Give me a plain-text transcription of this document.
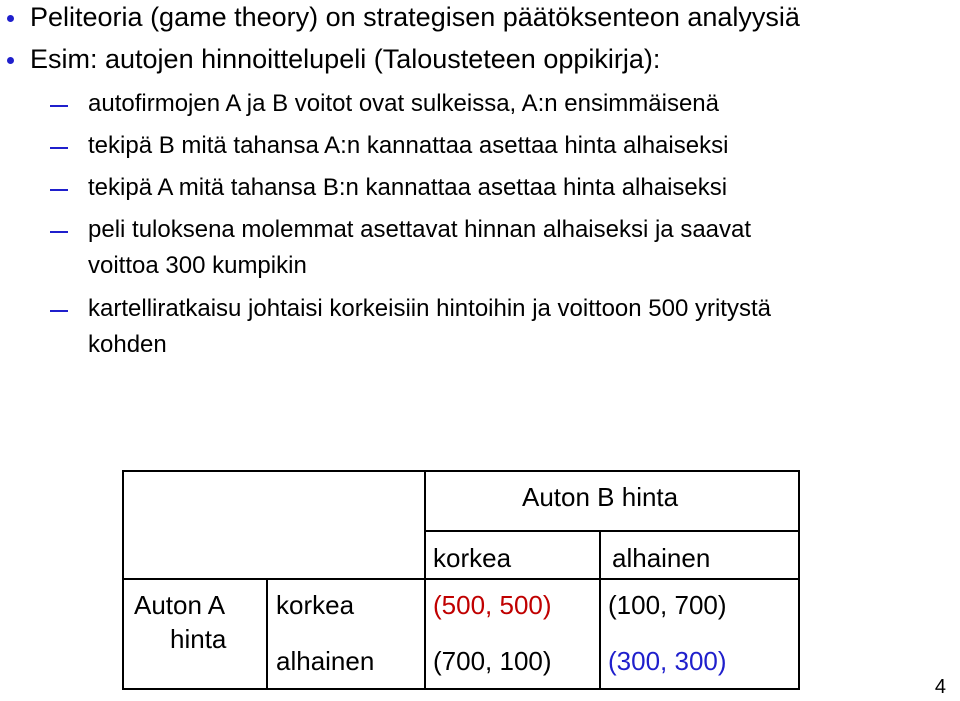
Peliteoria (game theory) on strategisen päätöksenteon analyysiä
Esim: autojen hinnoittelupeli (Talousteteen oppikirja):
autofirmojen A ja B voitot ovat sulkeissa, A:n ensimmäisenä
tekipä B mitä tahansa A:n kannattaa asettaa hinta alhaiseksi
tekipä A mitä tahansa B:n kannattaa asettaa hinta alhaiseksi
peli tuloksena molemmat asettavat hinnan alhaiseksi ja saavat
voittoa 300 kumpikin
kartelliratkaisu johtaisi korkeisiin hintoihin ja voittoon 500 yritystä
kohden
Auton B hinta
korkea	alhainen
Auton A
hinta
korkea
alhainen
(500, 500) (100, 700)
(700, 100) (300, 300)
4
